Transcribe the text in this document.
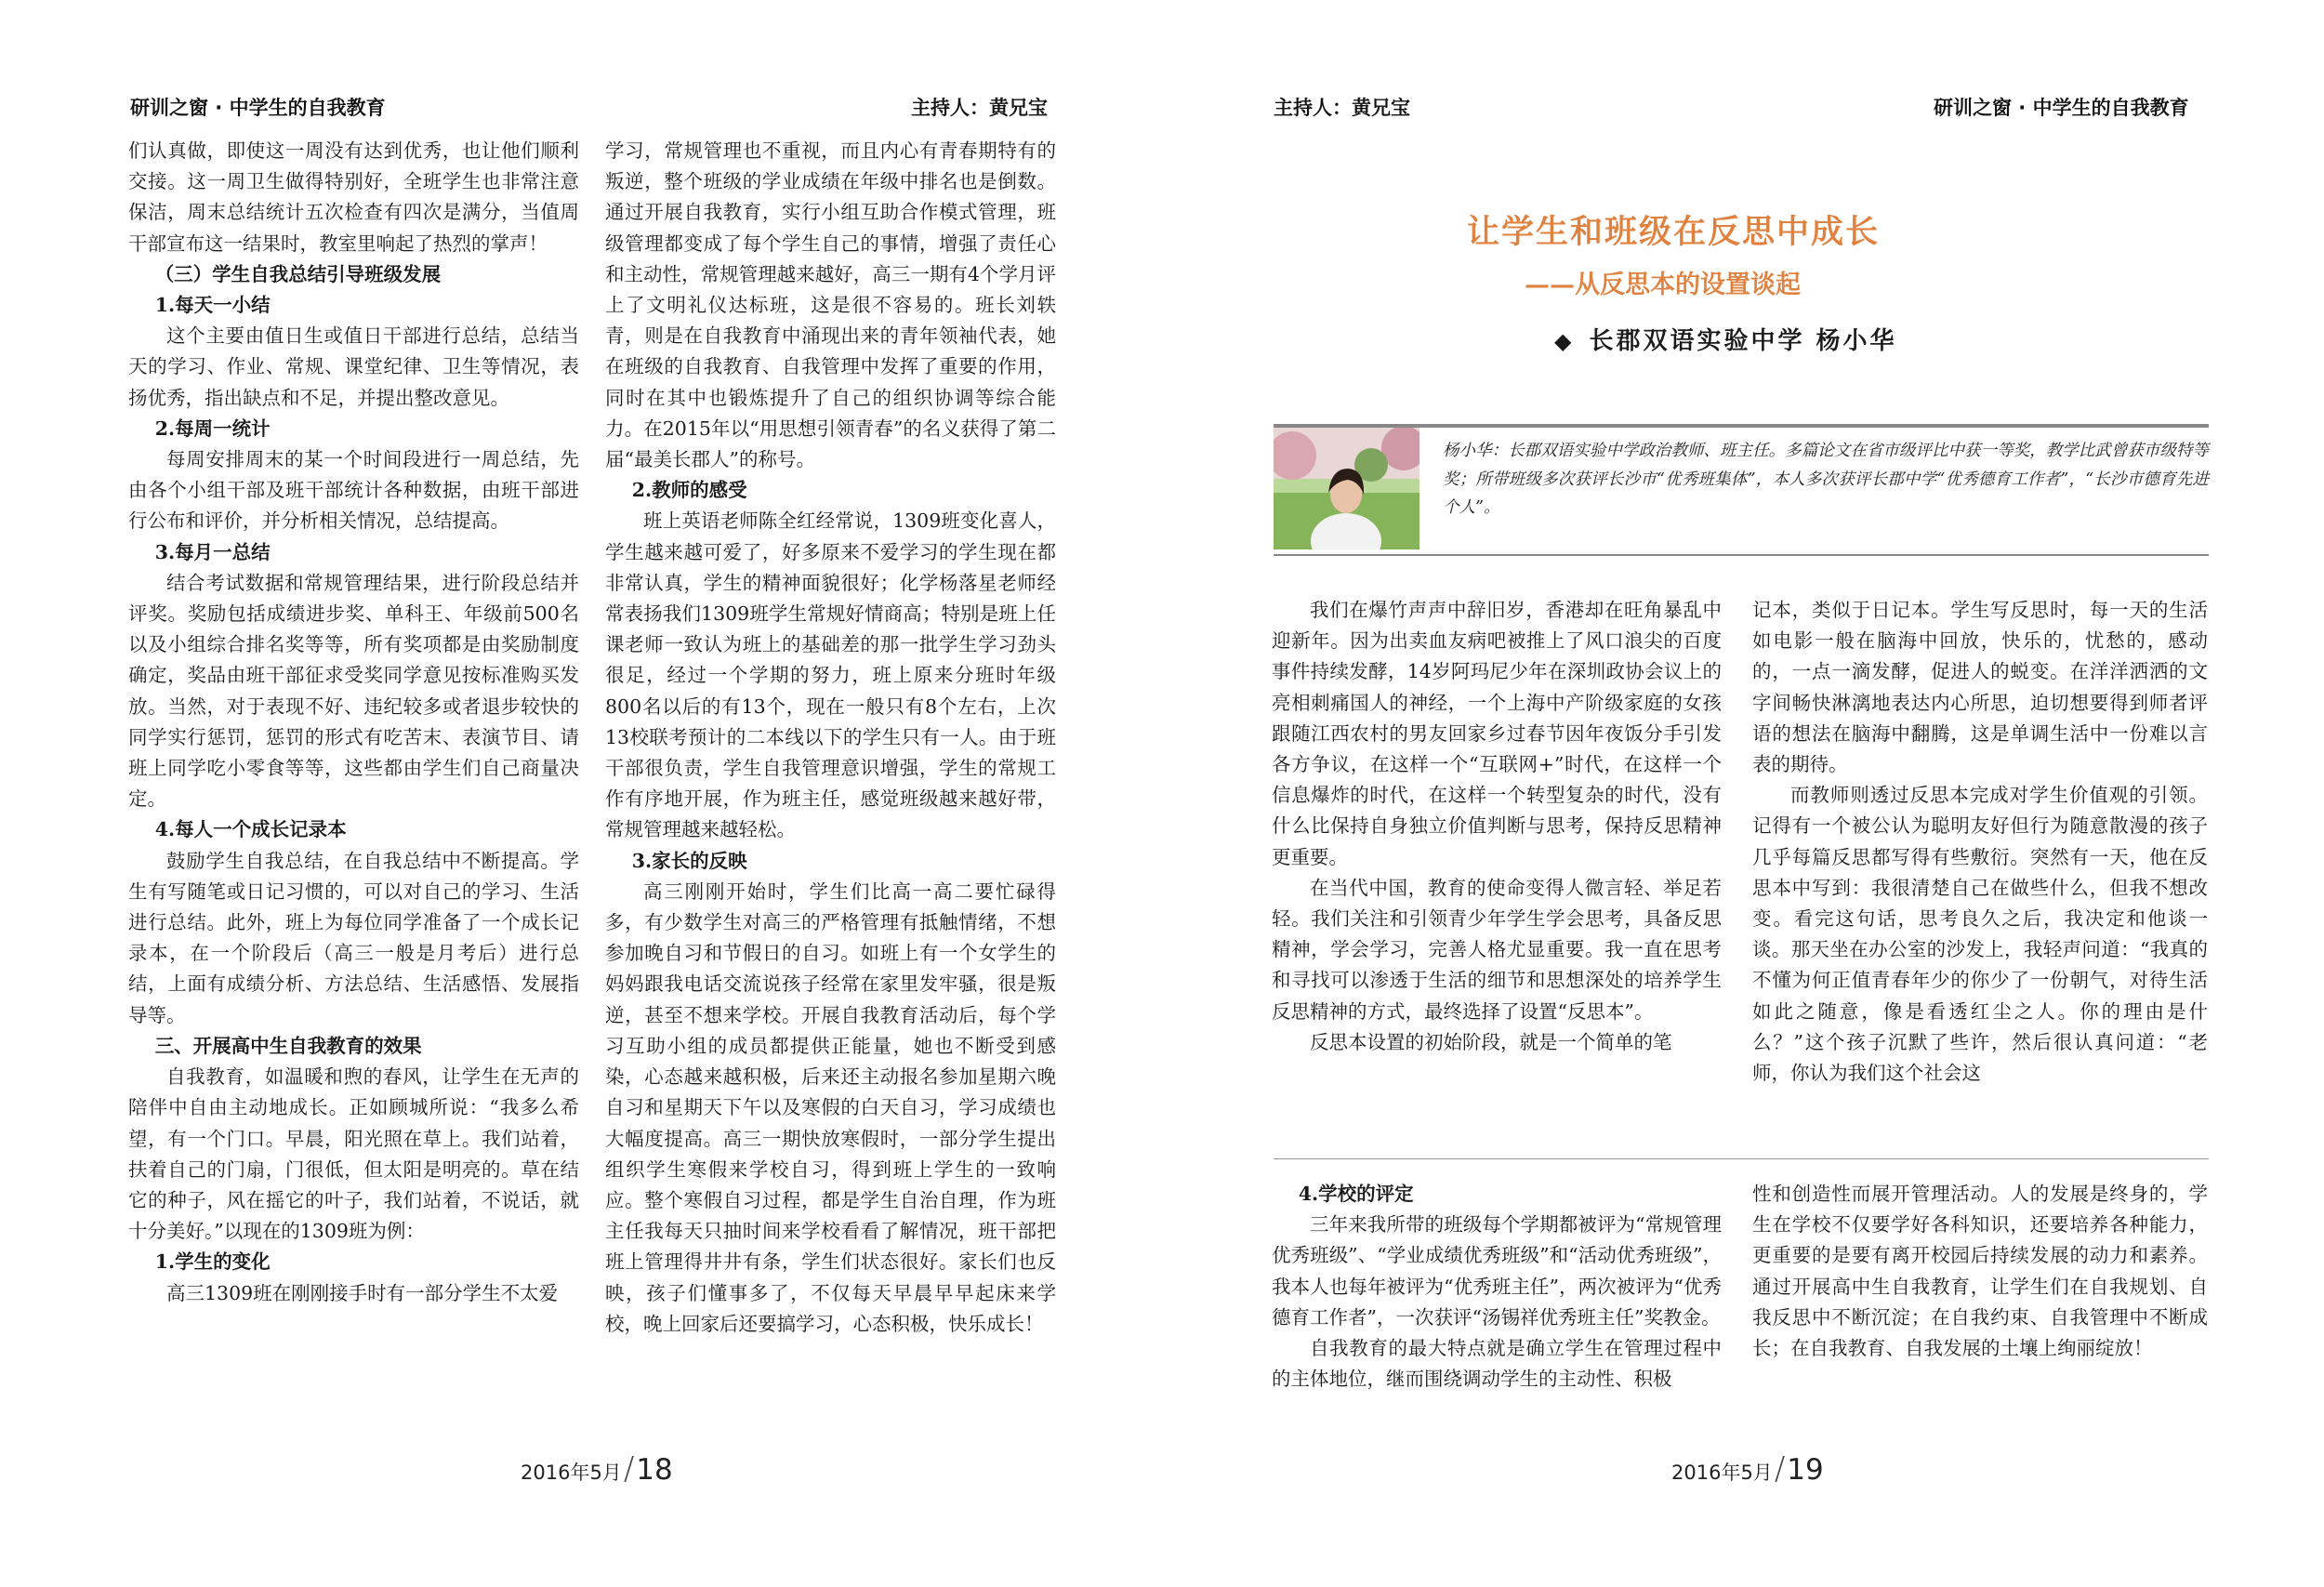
研训之窗 · 中学生的自我教育	主持人：黄兄宝

们认真做，即使这一周没有达到优秀，也让他们顺利交接。这一周卫生做得特别好，全班学生也非常注意保洁，周末总结统计五次检查有四次是满分，当值周干部宣布这一结果时，教室里响起了热烈的掌声！

（三）学生自我总结引导班级发展

1.每天一小结

这个主要由值日生或值日干部进行总结，总结当天的学习、作业、常规、课堂纪律、卫生等情况，表扬优秀，指出缺点和不足，并提出整改意见。

2.每周一统计

每周安排周末的某一个时间段进行一周总结，先由各个小组干部及班干部统计各种数据，由班干部进行公布和评价，并分析相关情况，总结提高。

3.每月一总结

结合考试数据和常规管理结果，进行阶段总结并评奖。奖励包括成绩进步奖、单科王、年级前500名以及小组综合排名奖等等，所有奖项都是由奖励制度确定，奖品由班干部征求受奖同学意见按标准购买发放。当然，对于表现不好、违纪较多或者退步较快的同学实行惩罚，惩罚的形式有吃苦末、表演节目、请班上同学吃小零食等等，这些都由学生们自己商量决定。

4.每人一个成长记录本

鼓励学生自我总结，在自我总结中不断提高。学生有写随笔或日记习惯的，可以对自己的学习、生活进行总结。此外，班上为每位同学准备了一个成长记录本，在一个阶段后（高三一般是月考后）进行总结，上面有成绩分析、方法总结、生活感悟、发展指导等。

三、开展高中生自我教育的效果

自我教育，如温暖和煦的春风，让学生在无声的陪伴中自由主动地成长。正如顾城所说：“我多么希望，有一个门口。早晨，阳光照在草上。我们站着，扶着自己的门扇，门很低，但太阳是明亮的。草在结它的种子，风在摇它的叶子，我们站着，不说话，就十分美好。”以现在的1309班为例：

1.学生的变化

高三1309班在刚刚接手时有一部分学生不太爱

学习，常规管理也不重视，而且内心有青春期特有的叛逆，整个班级的学业成绩在年级中排名也是倒数。通过开展自我教育，实行小组互助合作模式管理，班级管理都变成了每个学生自己的事情，增强了责任心和主动性，常规管理越来越好，高三一期有4个学月评上了文明礼仪达标班，这是很不容易的。班长刘轶青，则是在自我教育中涌现出来的青年领袖代表，她在班级的自我教育、自我管理中发挥了重要的作用，同时在其中也锻炼提升了自己的组织协调等综合能力。在2015年以“用思想引领青春”的名义获得了第二届“最美长郡人”的称号。

2.教师的感受

班上英语老师陈全红经常说，1309班变化喜人，学生越来越可爱了，好多原来不爱学习的学生现在都非常认真，学生的精神面貌很好；化学杨落星老师经常表扬我们1309班学生常规好情商高；特别是班上任课老师一致认为班上的基础差的那一批学生学习劲头很足，经过一个学期的努力，班上原来分班时年级800名以后的有13个，现在一般只有8个左右，上次13校联考预计的二本线以下的学生只有一人。由于班干部很负责，学生自我管理意识增强，学生的常规工作有序地开展，作为班主任，感觉班级越来越好带，常规管理越来越轻松。

3.家长的反映

高三刚刚开始时，学生们比高一高二要忙碌得多，有少数学生对高三的严格管理有抵触情绪，不想参加晚自习和节假日的自习。如班上有一个女学生的妈妈跟我电话交流说孩子经常在家里发牢骚，很是叛逆，甚至不想来学校。开展自我教育活动后，每个学习互助小组的成员都提供正能量，她也不断受到感染，心态越来越积极，后来还主动报名参加星期六晚自习和星期天下午以及寒假的白天自习，学习成绩也大幅度提高。高三一期快放寒假时，一部分学生提出组织学生寒假来学校自习，得到班上学生的一致响应。整个寒假自习过程，都是学生自治自理，作为班主任我每天只抽时间来学校看看了解情况，班干部把班上管理得井井有条，学生们状态很好。家长们也反映，孩子们懂事多了，不仅每天早晨早早起床来学校，晚上回家后还要搞学习，心态积极，快乐成长！

2016年5月/18
主持人：黄兄宝	研训之窗 · 中学生的自我教育
让学生和班级在反思中成长
——从反思本的设置谈起
◆ 长郡双语实验中学 杨小华
杨小华：长郡双语实验中学政治教师、班主任。多篇论文在省市级评比中获一等奖，教学比武曾获市级特等奖；所带班级多次获评长沙市“优秀班集体”，本人多次获评长郡中学“优秀德育工作者”，“长沙市德育先进个人”。

我们在爆竹声声中辞旧岁，香港却在旺角暴乱中迎新年。因为出卖血友病吧被推上了风口浪尖的百度事件持续发酵，14岁阿玛尼少年在深圳政协会议上的亮相刺痛国人的神经，一个上海中产阶级家庭的女孩跟随江西农村的男友回家乡过春节因年夜饭分手引发各方争议，在这样一个“互联网+”时代，在这样一个信息爆炸的时代，在这样一个转型复杂的时代，没有什么比保持自身独立价值判断与思考，保持反思精神更重要。

在当代中国，教育的使命变得人微言轻、举足若轻。我们关注和引领青少年学生学会思考，具备反思精神，学会学习，完善人格尤显重要。我一直在思考和寻找可以渗透于生活的细节和思想深处的培养学生反思精神的方式，最终选择了设置“反思本”。

反思本设置的初始阶段，就是一个简单的笔

记本，类似于日记本。学生写反思时，每一天的生活如电影一般在脑海中回放，快乐的，忧愁的，感动的，一点一滴发酵，促进人的蜕变。在洋洋洒洒的文字间畅快淋漓地表达内心所思，迫切想要得到师者评语的想法在脑海中翻腾，这是单调生活中一份难以言表的期待。

而教师则透过反思本完成对学生价值观的引领。记得有一个被公认为聪明友好但行为随意散漫的孩子几乎每篇反思都写得有些敷衍。突然有一天，他在反思本中写到：我很清楚自己在做些什么，但我不想改变。看完这句话，思考良久之后，我决定和他谈一谈。那天坐在办公室的沙发上，我轻声问道：“我真的不懂为何正值青春年少的你少了一份朝气，对待生活如此之随意，像是看透红尘之人。你的理由是什么？”这个孩子沉默了些许，然后很认真问道：“老师，你认为我们这个社会这

4.学校的评定

三年来我所带的班级每个学期都被评为“常规管理优秀班级”、“学业成绩优秀班级”和“活动优秀班级”，我本人也每年被评为“优秀班主任”，两次被评为“优秀德育工作者”，一次获评“汤锡祥优秀班主任”奖教金。

自我教育的最大特点就是确立学生在管理过程中的主体地位，继而围绕调动学生的主动性、积极

性和创造性而展开管理活动。人的发展是终身的，学生在学校不仅要学好各科知识，还要培养各种能力，更重要的是要有离开校园后持续发展的动力和素养。通过开展高中生自我教育，让学生们在自我规划、自我反思中不断沉淀；在自我约束、自我管理中不断成长；在自我教育、自我发展的土壤上绚丽绽放！

2016年5月/19
